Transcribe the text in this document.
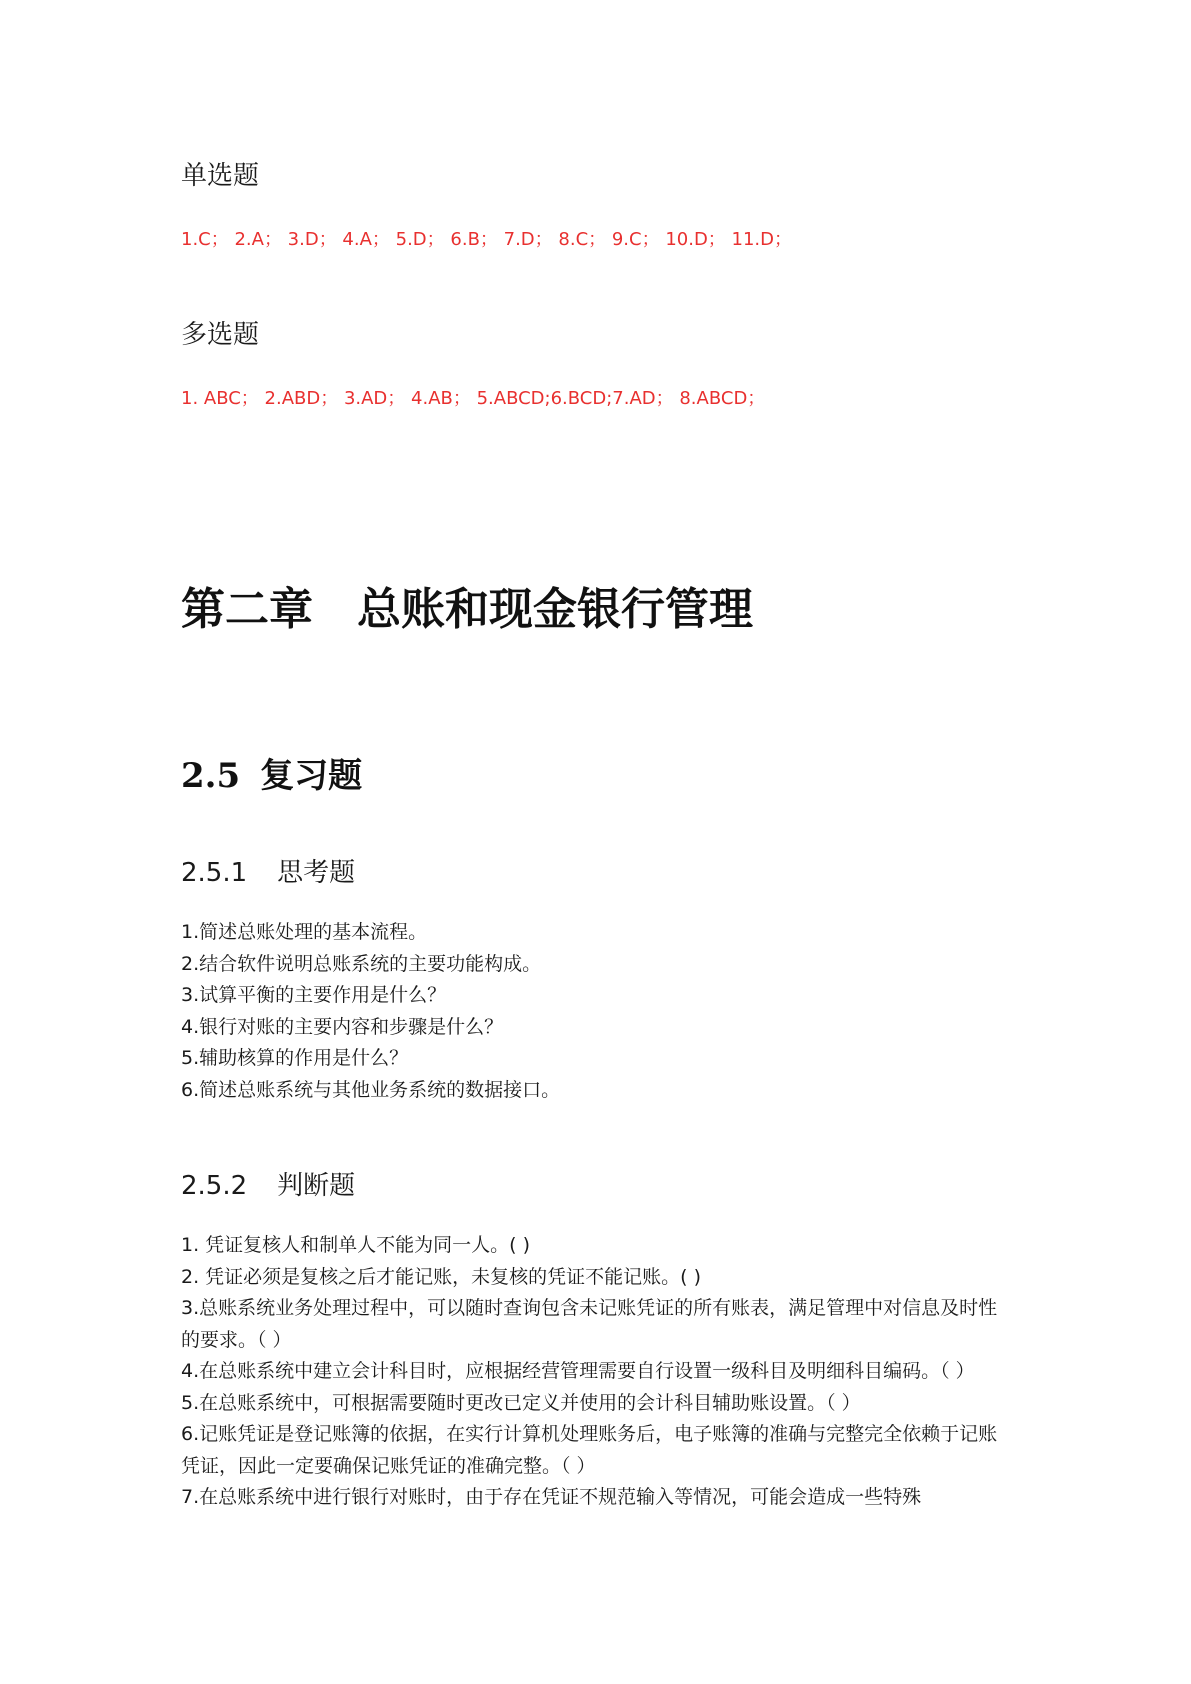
单选题
1.C； 2.A； 3.D； 4.A； 5.D； 6.B； 7.D； 8.C； 9.C； 10.D； 11.D；
多选题
1. ABC； 2.ABD； 3.AD； 4.AB； 5.ABCD;6.BCD;7.AD； 8.ABCD；
第二章 总账和现金银行管理
2.5 复习题
2.5.1 思考题
1.简述总账处理的基本流程。
2.结合软件说明总账系统的主要功能构成。
3.试算平衡的主要作用是什么？
4.银行对账的主要内容和步骤是什么？
5.辅助核算的作用是什么？
6.简述总账系统与其他业务系统的数据接口。
2.5.2 判断题
1. 凭证复核人和制单人不能为同一人。( )
2. 凭证必须是复核之后才能记账，未复核的凭证不能记账。( )
3.总账系统业务处理过程中，可以随时查询包含未记账凭证的所有账表，满足管理中对信息及时性的要求。（ ）
4.在总账系统中建立会计科目时，应根据经营管理需要自行设置一级科目及明细科目编码。（ ）
5.在总账系统中，可根据需要随时更改已定义并使用的会计科目辅助账设置。（ ）
6.记账凭证是登记账簿的依据，在实行计算机处理账务后，电子账簿的准确与完整完全依赖于记账凭证，因此一定要确保记账凭证的准确完整。（ ）
7.在总账系统中进行银行对账时，由于存在凭证不规范输入等情况，可能会造成一些特殊
